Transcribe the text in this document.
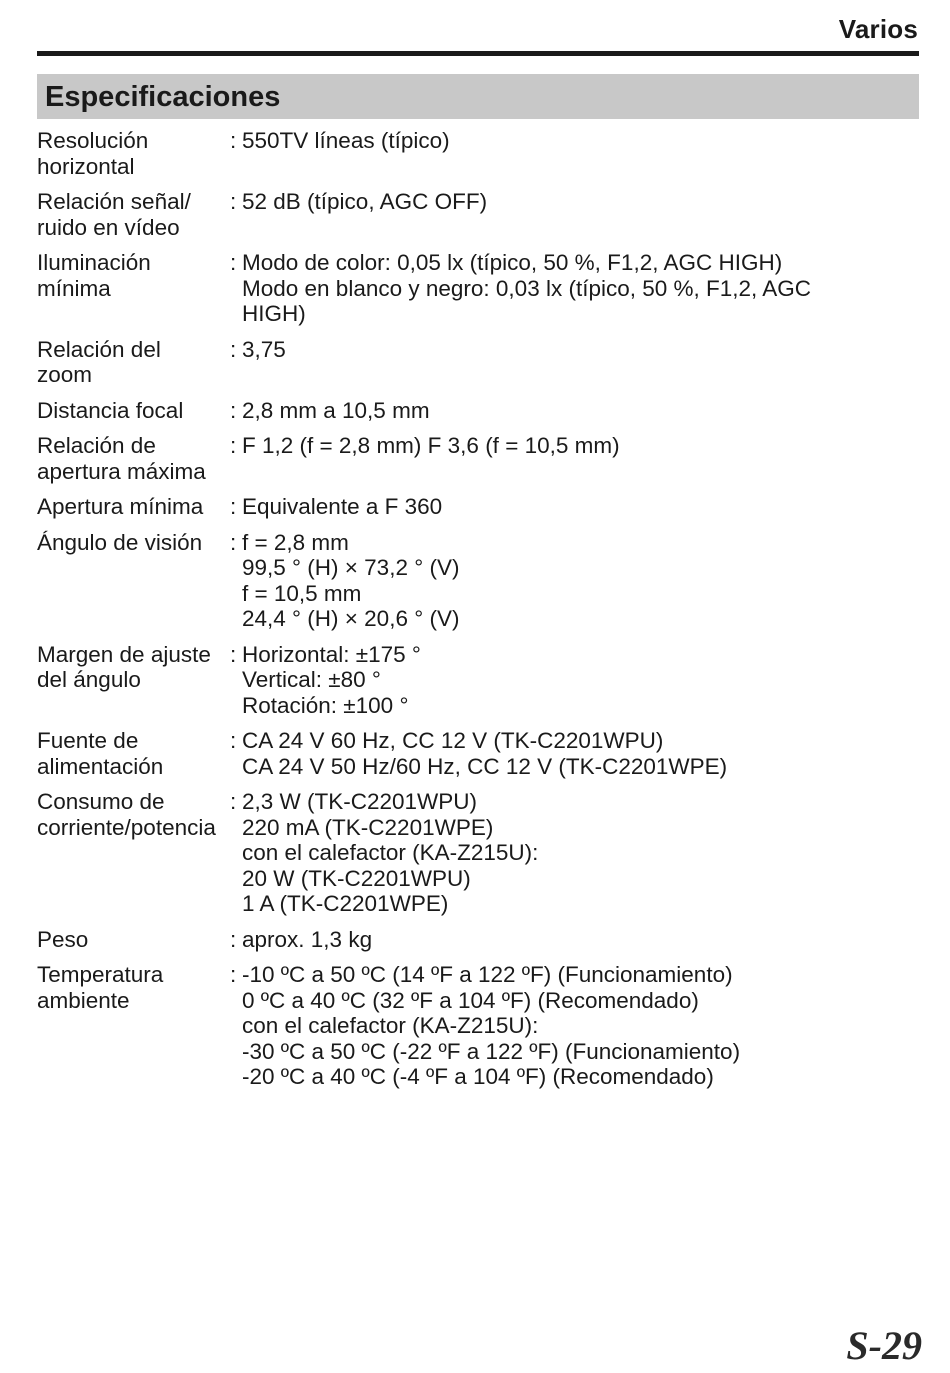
Varios
Especificaciones
Resolución
horizontal
: 550TV líneas (típico)
Relación señal/
ruido en vídeo
: 52 dB (típico, AGC OFF)
Iluminación
mínima
: Modo de color: 0,05 lx (típico, 50 %, F1,2, AGC HIGH)
Modo en blanco y negro: 0,03 lx (típico, 50 %, F1,2, AGC
HIGH)
Relación del
zoom
: 3,75
Distancia focal	: 2,8 mm a 10,5 mm
Relación de
apertura máxima
: F 1,2 (f = 2,8 mm) F 3,6 (f = 10,5 mm)
Apertura mínima	: Equivalente a F 360
Ángulo de visión	: f = 2,8 mm
99,5 ° (H) × 73,2 ° (V)
f = 10,5 mm
24,4 ° (H) × 20,6 ° (V)
Margen de ajuste
del ángulo
: Horizontal: ±175 °
Vertical: ±80 °
Rotación: ±100 °
Fuente de
alimentación
: CA 24 V 60 Hz, CC 12 V (TK-C2201WPU)
CA 24 V 50 Hz/60 Hz, CC 12 V (TK-C2201WPE)
Consumo de
corriente/potencia
: 2,3 W (TK-C2201WPU)
220 mA (TK-C2201WPE)
con el calefactor (KA-Z215U):
20 W (TK-C2201WPU)
1 A (TK-C2201WPE)
Peso	: aprox. 1,3 kg
Temperatura
ambiente
: -10 ºC a 50 ºC (14 ºF a 122 ºF) (Funcionamiento)
0 ºC a 40 ºC (32 ºF a 104 ºF) (Recomendado)
con el calefactor (KA-Z215U):
-30 ºC a 50 ºC (-22 ºF a 122 ºF) (Funcionamiento)
-20 ºC a 40 ºC (-4 ºF a 104 ºF) (Recomendado)
S-29
